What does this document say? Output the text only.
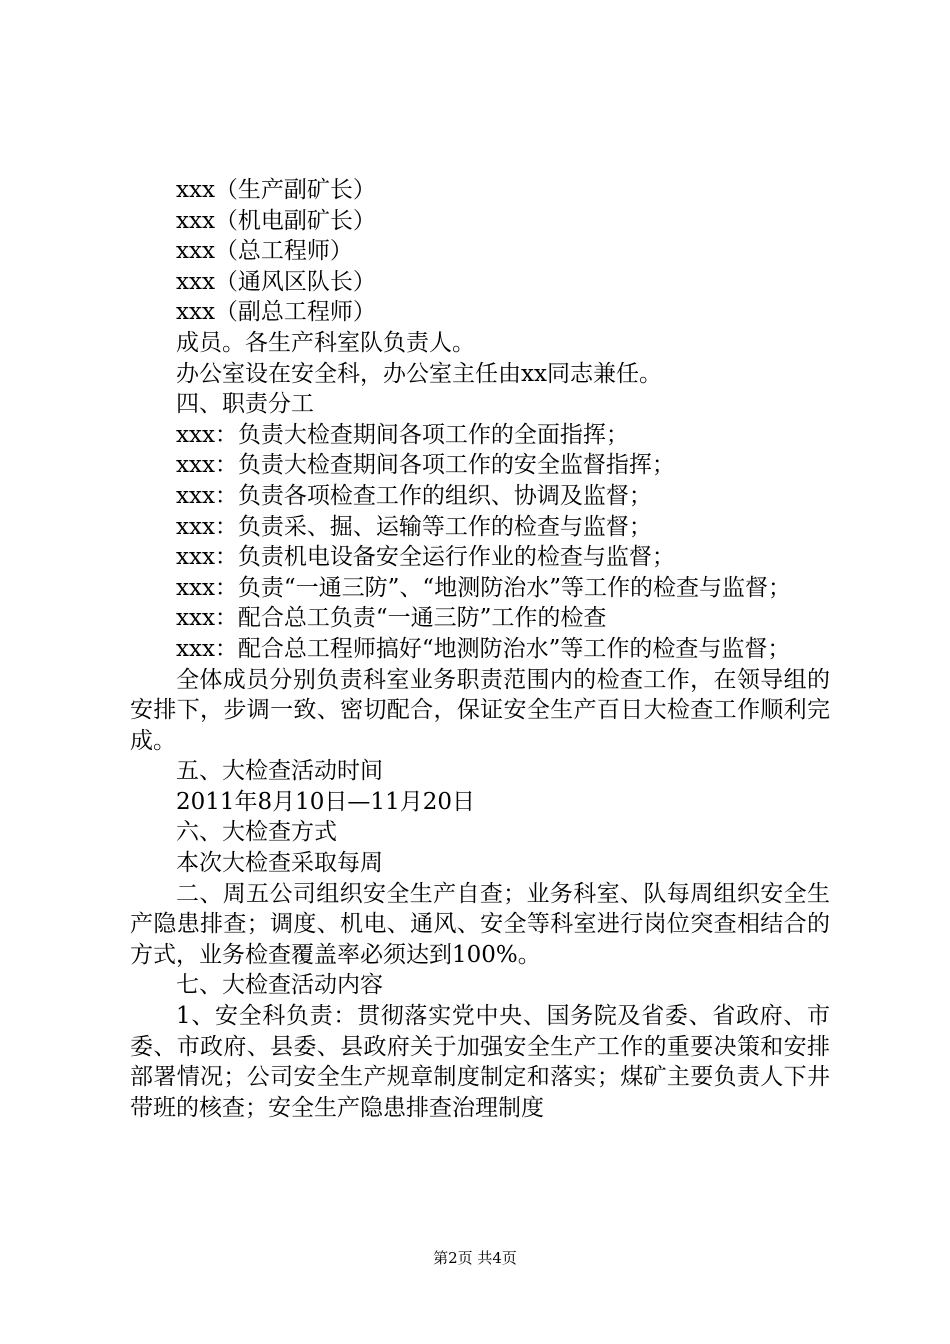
xxx（生产副矿长）

xxx（机电副矿长）

xxx（总工程师）

xxx（通风区队长）

xxx（副总工程师）

成员。各生产科室队负责人。

办公室设在安全科，办公室主任由xx同志兼任。

四、职责分工

xxx：负责大检查期间各项工作的全面指挥；

xxx：负责大检查期间各项工作的安全监督指挥；

xxx：负责各项检查工作的组织、协调及监督；

xxx：负责采、掘、运输等工作的检查与监督；

xxx：负责机电设备安全运行作业的检查与监督；

xxx：负责“一通三防”、“地测防治水”等工作的检查与监督；

xxx：配合总工负责“一通三防”工作的检查

xxx：配合总工程师搞好“地测防治水”等工作的检查与监督；

全体成员分别负责科室业务职责范围内的检查工作，在领导组的安排下，步调一致、密切配合，保证安全生产百日大检查工作顺利完成。

五、大检查活动时间

2011年8月10日—11月20日

六、大检查方式

本次大检查采取每周

二、周五公司组织安全生产自查；业务科室、队每周组织安全生产隐患排查；调度、机电、通风、安全等科室进行岗位突查相结合的方式，业务检查覆盖率必须达到100%。

七、大检查活动内容

1、安全科负责：贯彻落实党中央、国务院及省委、省政府、市委、市政府、县委、县政府关于加强安全生产工作的重要决策和安排部署情况；公司安全生产规章制度制定和落实；煤矿主要负责人下井带班的核查；安全生产隐患排查治理制度

第2页 共4页
